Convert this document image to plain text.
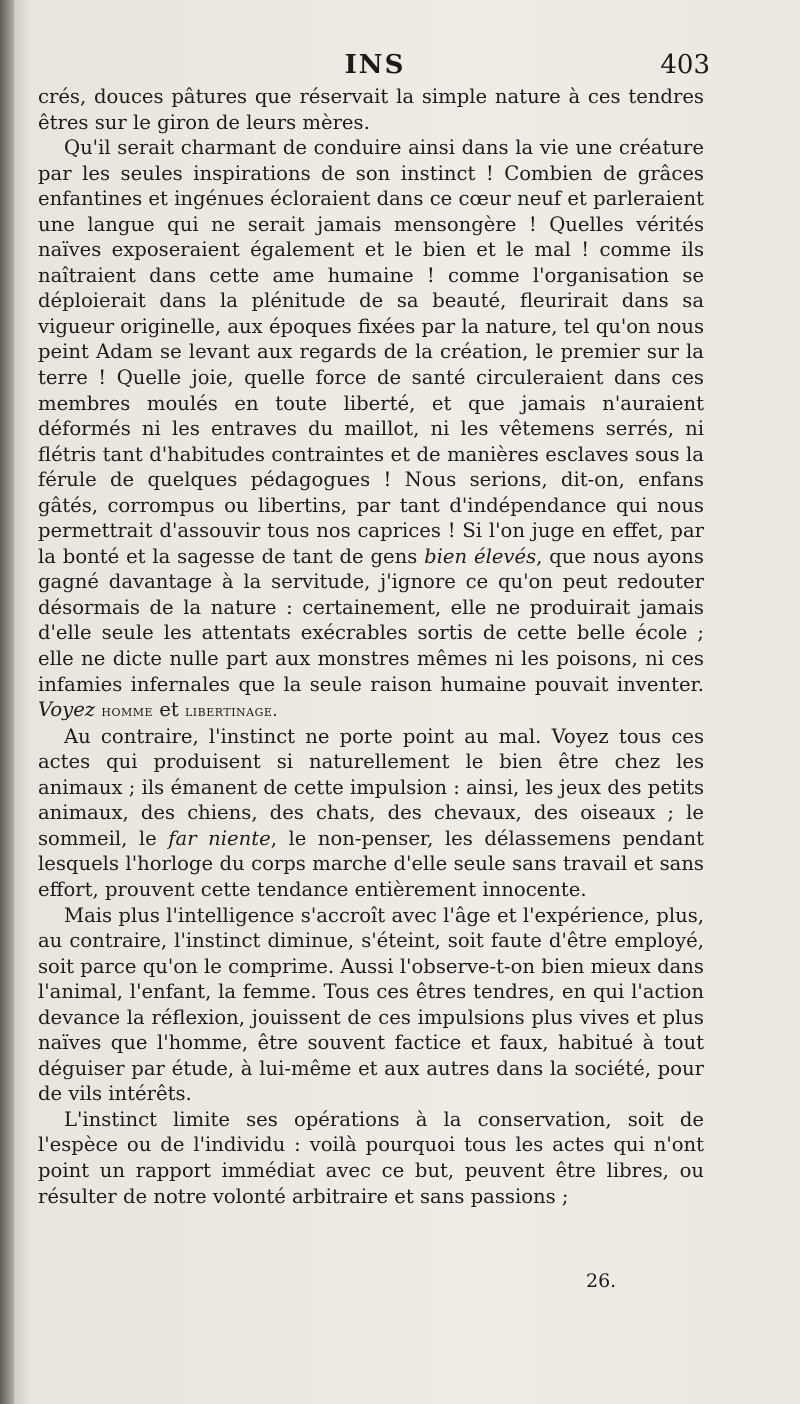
INS	403

crés, douces pâtures que réservait la simple nature à ces tendres êtres sur le giron de leurs mères.

Qu'il serait charmant de conduire ainsi dans la vie une créature par les seules inspirations de son instinct ! Combien de grâces enfantines et ingénues écloraient dans ce cœur neuf et parleraient une langue qui ne serait jamais mensongère ! Quelles vérités naïves exposeraient également et le bien et le mal ! comme ils naîtraient dans cette ame humaine ! comme l'organisation se déploierait dans la plénitude de sa beauté, fleurirait dans sa vigueur originelle, aux époques fixées par la nature, tel qu'on nous peint Adam se levant aux regards de la création, le premier sur la terre ! Quelle joie, quelle force de santé circuleraient dans ces membres moulés en toute liberté, et que jamais n'auraient déformés ni les entraves du maillot, ni les vêtemens serrés, ni flétris tant d'habitudes contraintes et de manières esclaves sous la férule de quelques pédagogues ! Nous serions, dit-on, enfans gâtés, corrompus ou libertins, par tant d'indépendance qui nous permettrait d'assouvir tous nos caprices ! Si l'on juge en effet, par la bonté et la sagesse de tant de gens bien élevés, que nous ayons gagné davantage à la servitude, j'ignore ce qu'on peut redouter désormais de la nature : certainement, elle ne produirait jamais d'elle seule les attentats exécrables sortis de cette belle école ; elle ne dicte nulle part aux monstres mêmes ni les poisons, ni ces infamies infernales que la seule raison humaine pouvait inventer. Voyez homme et libertinage.

Au contraire, l'instinct ne porte point au mal. Voyez tous ces actes qui produisent si naturellement le bien être chez les animaux ; ils émanent de cette impulsion : ainsi, les jeux des petits animaux, des chiens, des chats, des chevaux, des oiseaux ; le sommeil, le far niente, le non-penser, les délassemens pendant lesquels l'horloge du corps marche d'elle seule sans travail et sans effort, prouvent cette tendance entièrement innocente.

Mais plus l'intelligence s'accroît avec l'âge et l'expérience, plus, au contraire, l'instinct diminue, s'éteint, soit faute d'être employé, soit parce qu'on le comprime. Aussi l'observe-t-on bien mieux dans l'animal, l'enfant, la femme. Tous ces êtres tendres, en qui l'action devance la réflexion, jouissent de ces impulsions plus vives et plus naïves que l'homme, être souvent factice et faux, habitué à tout déguiser par étude, à lui-même et aux autres dans la société, pour de vils intérêts.

L'instinct limite ses opérations à la conservation, soit de l'espèce ou de l'individu : voilà pourquoi tous les actes qui n'ont point un rapport immédiat avec ce but, peuvent être libres, ou résulter de notre volonté arbitraire et sans passions ;

26.
